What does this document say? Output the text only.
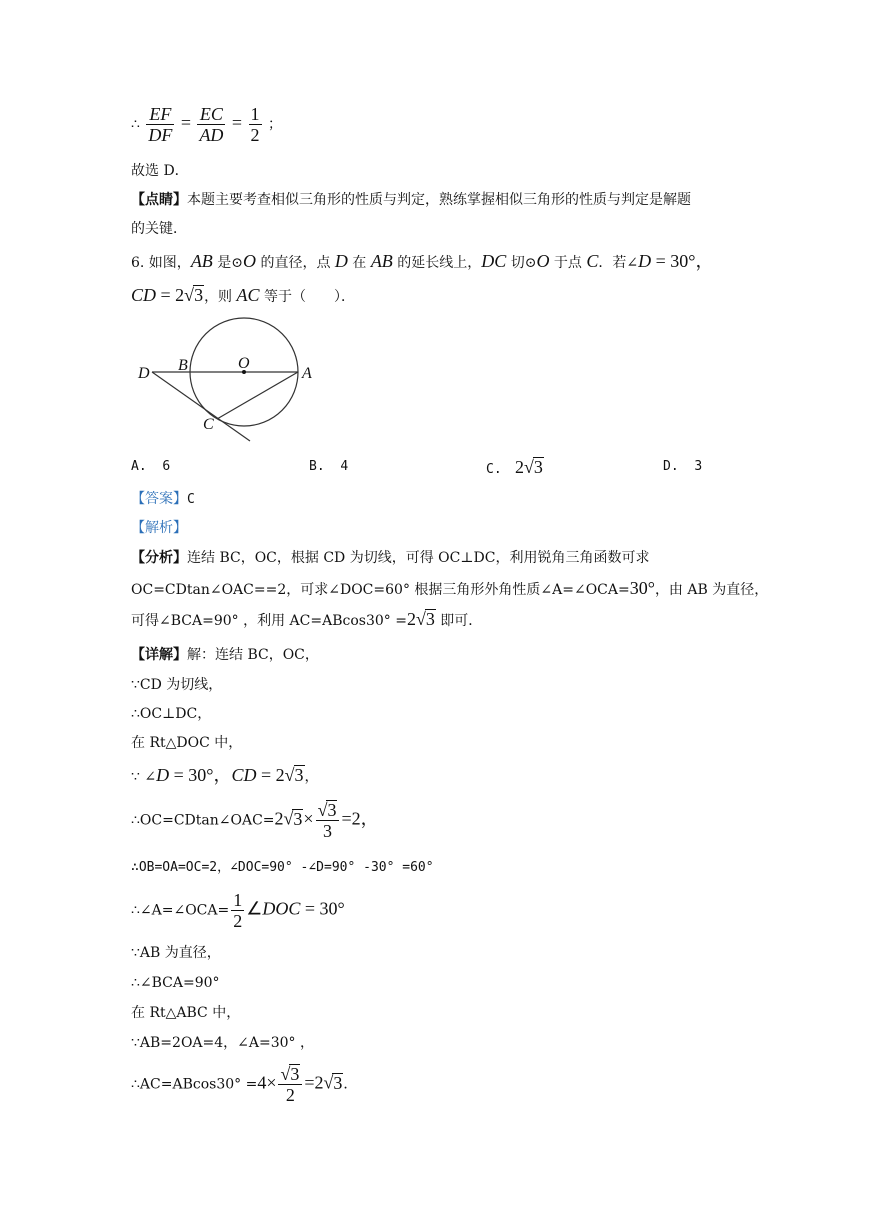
∴ $\frac{EF}{DF} = \frac{EC}{AD} = \frac{1}{2}$ ；
故选 D．
【点睛】本题主要考查相似三角形的性质与判定，熟练掌握相似三角形的性质与判定是解题
的关键．
6. 如图，AB 是⊙O 的直径，点 D 在 AB 的延长线上，DC 切⊙O 于点 C．若∠D = 30°，
CD = 2√3，则 AC 等于（　　）．
D B	O
A
C
A. 6	B. 4	C. 2√3	D. 3
【答案】C
【解析】
【分析】连结 BC，OC，根据 CD 为切线，可得 OC⊥DC，利用锐角三角函数可求
OC=CDtan∠OAC==2，可求∠DOC=60° 根据三角形外角性质∠A=∠OCA=30°，由 AB 为直径，
可得∠BCA=90° ，利用 AC=ABcos30° =2√3 即可．
【详解】解：连结 BC，OC，
∵CD 为切线，
∴OC⊥DC，
在 Rt△DOC 中，
∵ ∠D = 30°，CD = 2√3，
∴OC=CDtan∠OAC=2√3× $\frac{√3}{3} =2$，
∴OB=OA=OC=2，∠DOC=90° -∠D=90° -30° =60°
∴∠A=∠OCA= $\frac{1}{2}$ ∠DOC = 30°
∵AB 为直径，
∴∠BCA=90°
在 Rt△ABC 中，
∵AB=2OA=4，∠A=30° ，
∴AC=ABcos30° $=4\times \frac{√3}{2} =2√3$．
